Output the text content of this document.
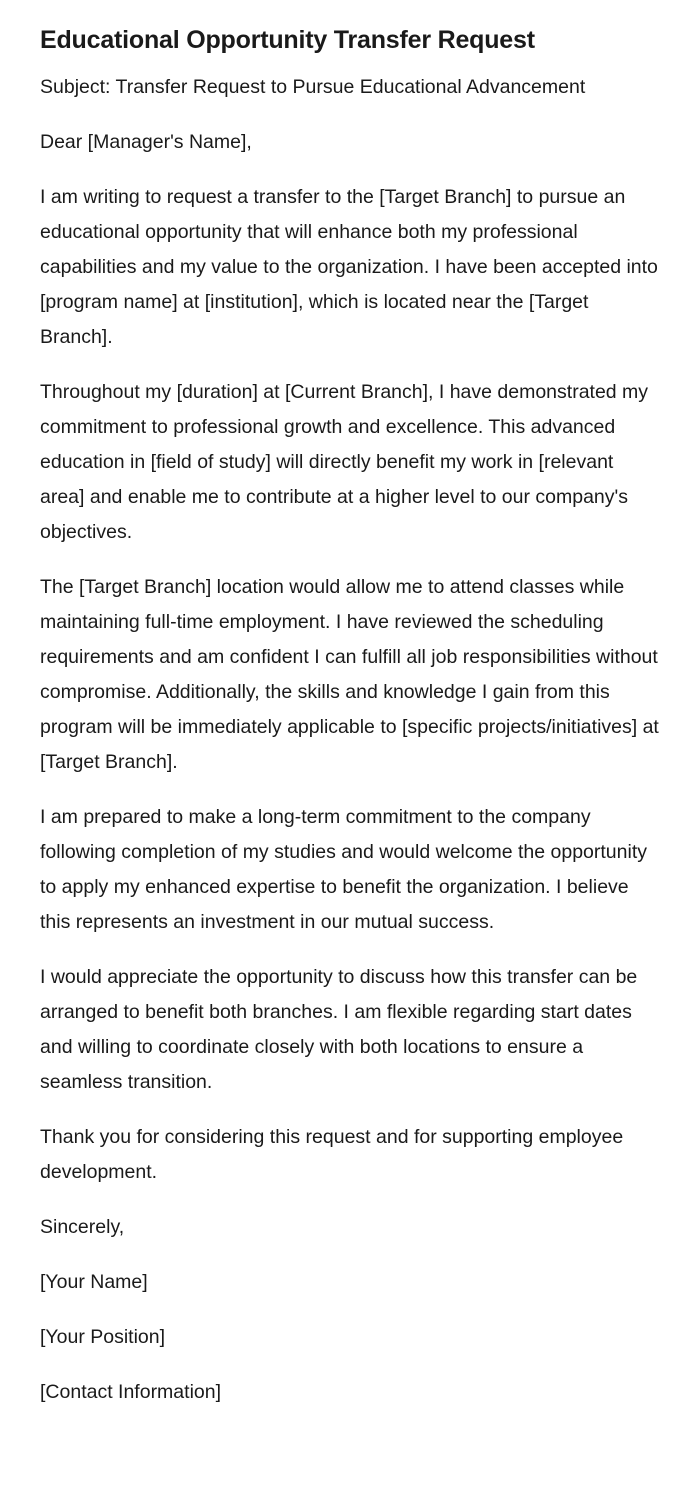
Educational Opportunity Transfer Request

Subject: Transfer Request to Pursue Educational Advancement

Dear [Manager's Name],

I am writing to request a transfer to the [Target Branch] to pursue an educational opportunity that will enhance both my professional capabilities and my value to the organization. I have been accepted into [program name] at [institution], which is located near the [Target Branch].

Throughout my [duration] at [Current Branch], I have demonstrated my commitment to professional growth and excellence. This advanced education in [field of study] will directly benefit my work in [relevant area] and enable me to contribute at a higher level to our company's objectives.

The [Target Branch] location would allow me to attend classes while maintaining full-time employment. I have reviewed the scheduling requirements and am confident I can fulfill all job responsibilities without compromise. Additionally, the skills and knowledge I gain from this program will be immediately applicable to [specific projects/initiatives] at [Target Branch].

I am prepared to make a long-term commitment to the company following completion of my studies and would welcome the opportunity to apply my enhanced expertise to benefit the organization. I believe this represents an investment in our mutual success.

I would appreciate the opportunity to discuss how this transfer can be arranged to benefit both branches. I am flexible regarding start dates and willing to coordinate closely with both locations to ensure a seamless transition.

Thank you for considering this request and for supporting employee development.

Sincerely,

[Your Name]

[Your Position]

[Contact Information]
